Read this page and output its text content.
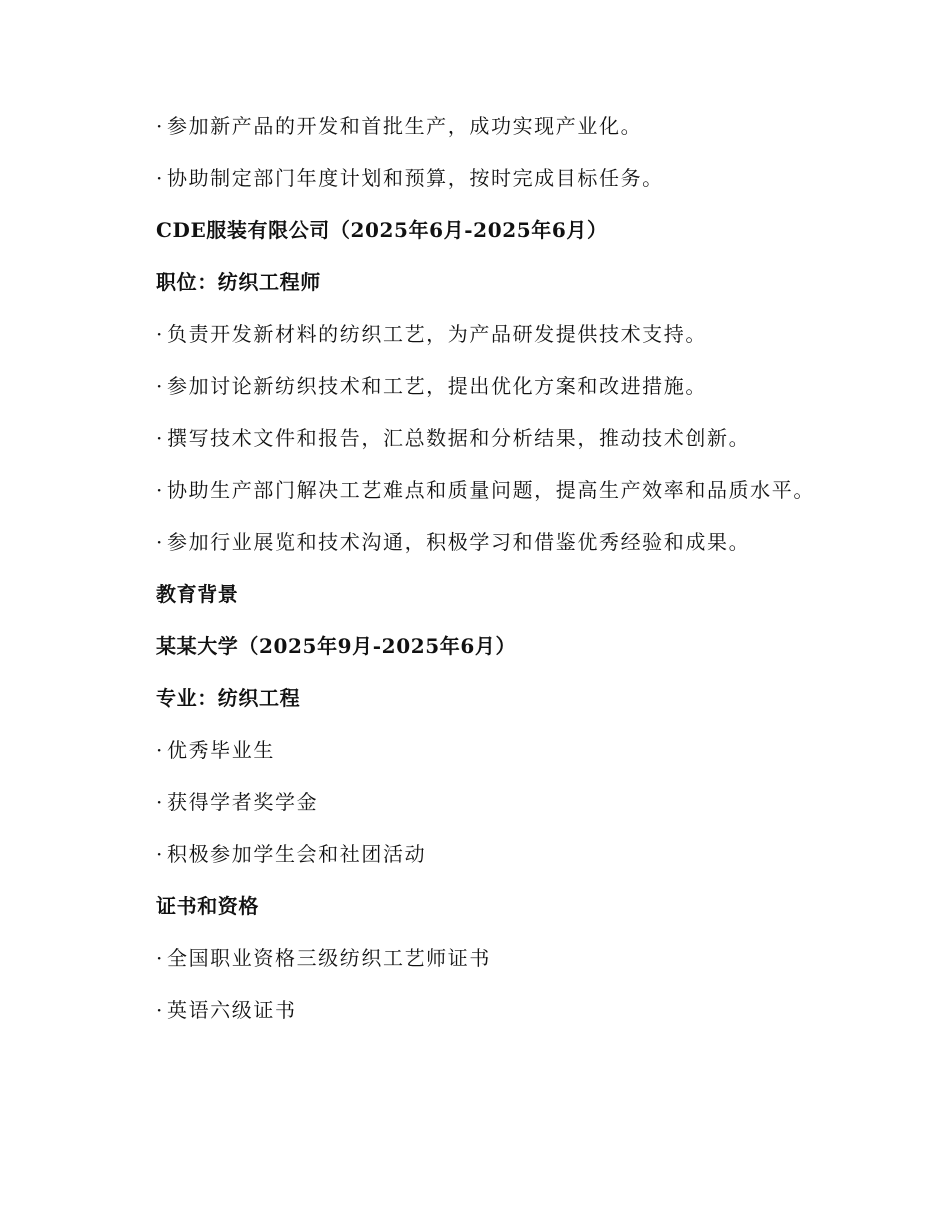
· 参加新产品的开发和首批生产，成功实现产业化。
· 协助制定部门年度计划和预算，按时完成目标任务。
CDE服装有限公司（2025年6月-2025年6月）
职位：纺织工程师
· 负责开发新材料的纺织工艺，为产品研发提供技术支持。
· 参加讨论新纺织技术和工艺，提出优化方案和改进措施。
· 撰写技术文件和报告，汇总数据和分析结果，推动技术创新。
· 协助生产部门解决工艺难点和质量问题，提高生产效率和品质水平。
· 参加行业展览和技术沟通，积极学习和借鉴优秀经验和成果。
教育背景
某某大学（2025年9月-2025年6月）
专业：纺织工程
· 优秀毕业生
· 获得学者奖学金
· 积极参加学生会和社团活动
证书和资格
· 全国职业资格三级纺织工艺师证书
· 英语六级证书
